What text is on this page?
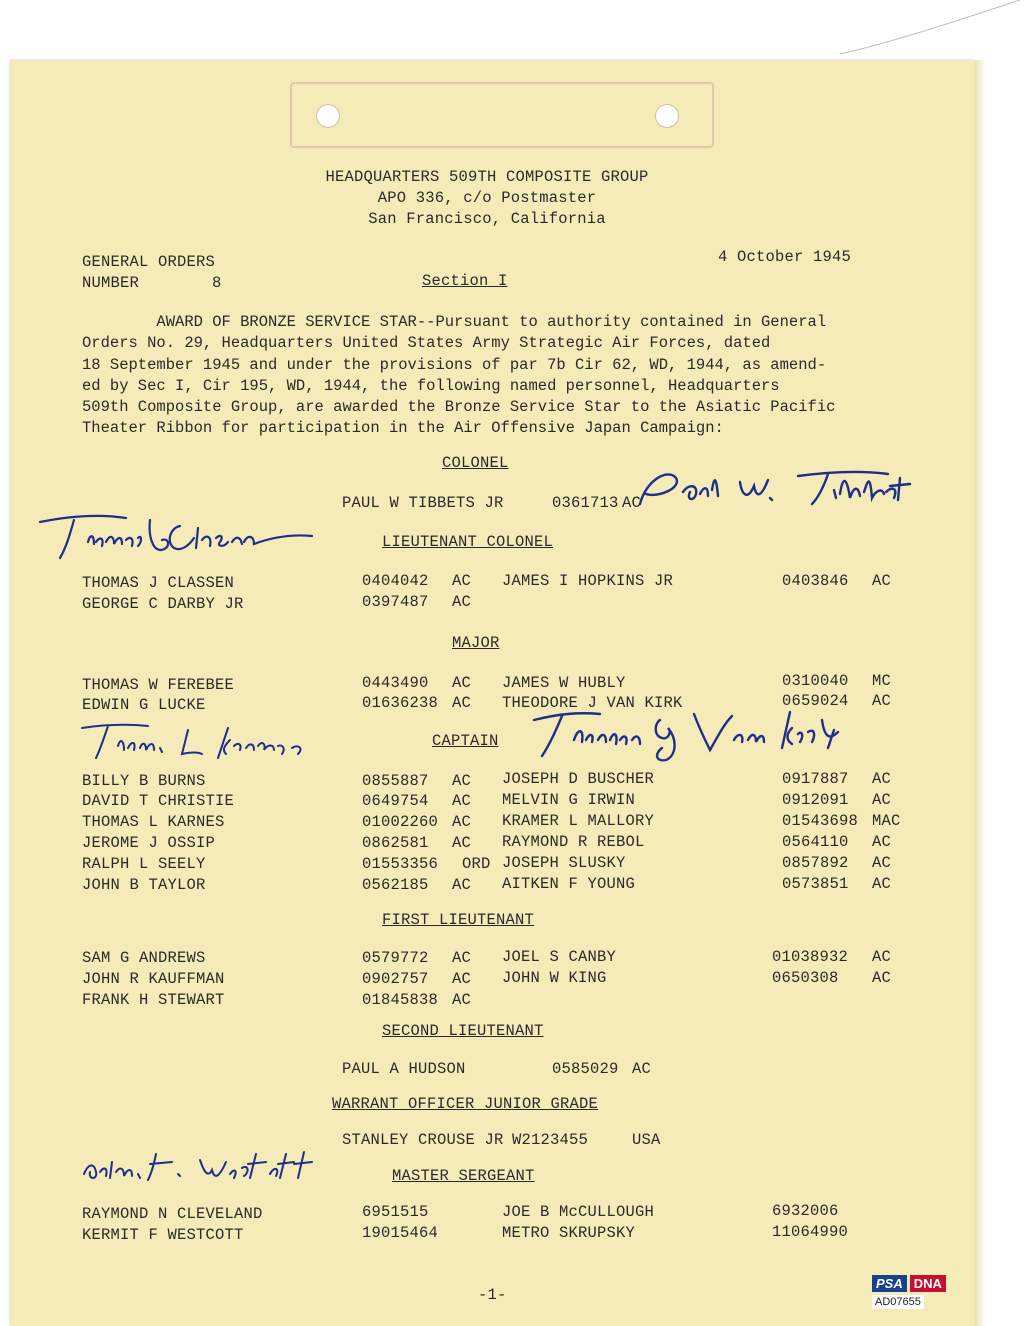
HEADQUARTERS 509TH COMPOSITE GROUP
APO 336, c/o Postmaster
San Francisco, California
GENERAL ORDERS
NUMBER	8
4 October 1945
Section I
AWARD OF BRONZE SERVICE STAR--Pursuant to authority contained in General
Orders No. 29, Headquarters United States Army Strategic Air Forces, dated
18 September 1945 and under the provisions of par 7b Cir 62, WD, 1944, as amend-
ed by Sec I, Cir 195, WD, 1944, the following named personnel, Headquarters
509th Composite Group, are awarded the Bronze Service Star to the Asiatic Pacific
Theater Ribbon for participation in the Air Offensive Japan Campaign:
COLONEL
PAUL W TIBBETS JR	0361713 AC
LIEUTENANT COLONEL
THOMAS J CLASSEN	0404042 AC JAMES I HOPKINS JR	0403846 AC
GEORGE C DARBY JR	0397487 AC
MAJOR
THOMAS W FEREBEE	0443490 AC JAMES W HUBLY	0310040 MC
EDWIN G LUCKE	01636238 AC THEODORE J VAN KIRK	0659024 AC
CAPTAIN
BILLY B BURNS	0855887 AC JOSEPH D BUSCHER	0917887 AC
DAVID T CHRISTIE	0649754 AC MELVIN G IRWIN	0912091 AC
THOMAS L KARNES	01002260 AC KRAMER L MALLORY	01543698 MAC
JEROME J OSSIP	0862581 AC RAYMOND R REBOL	0564110 AC
RALPH L SEELY	01553356 ORD JOSEPH SLUSKY	0857892 AC
JOHN B TAYLOR	0562185 AC AITKEN F YOUNG	0573851 AC
FIRST LIEUTENANT
SAM G ANDREWS	0579772 AC JOEL S CANBY	01038932 AC
JOHN R KAUFFMAN	0902757 AC JOHN W KING	0650308 AC
FRANK H STEWART	01845838 AC
SECOND LIEUTENANT
PAUL A HUDSON	0585029 AC
WARRANT OFFICER JUNIOR GRADE
STANLEY CROUSE JR W2123455	USA
MASTER SERGEANT
RAYMOND N CLEVELAND	6951515	JOE B McCULLOUGH	6932006
KERMIT F WESTCOTT	19015464	METRO SKRUPSKY	11064990
-1-
PSA DNA
AD07655
